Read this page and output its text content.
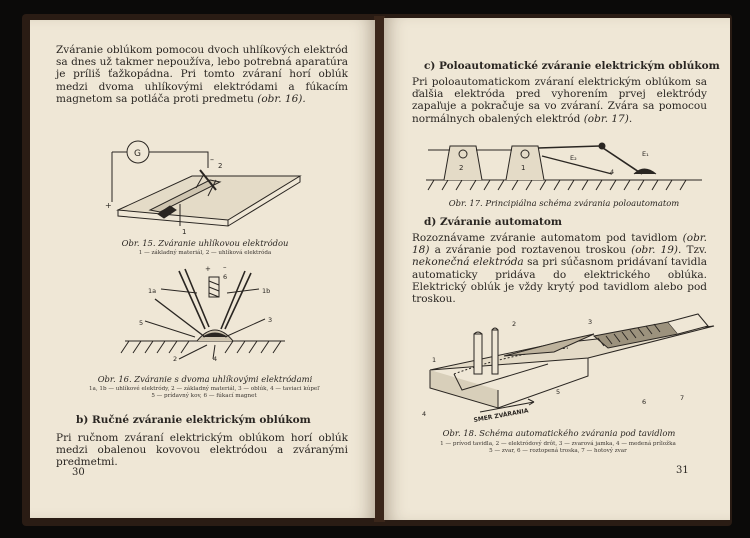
Zváranie oblúkom pomocou dvoch uhlíkových elektród sa dnes už takmer nepoužíva, lebo potrebná aparatúra je príliš ťažkopádna. Pri tomto zváraní horí oblúk medzi dvoma uhlíkovými elektródami a fúkacím magnetom sa potláča proti predmetu (obr. 16).

G
+
–
2
1

Obr. 15. Zváranie uhlíkovou elektródou

1 — základný materiál, 2 — uhlíková elektróda

1a	1b
6
+ –
5	3
2	4

Obr. 16. Zváranie s dvoma uhlíkovými elektródami

1a, 1b — uhlíkové elektródy, 2 — základný materiál, 3 — oblúk, 4 — taviaci kúpeľ

5 — prídavný kov, 6 — fúkací magnet

b) Ručné zváranie elektrickým oblúkom

Pri ručnom zváraní elektrickým oblúkom horí oblúk medzi obalenou kovovou elektródou a zváranými predmetmi.

30

c) Poloautomatické zváranie elektrickým oblúkom

Pri poloautomatickom zváraní elektrickým oblúkom sa ďalšia elektróda pred vyhorením prvej elektródy zapaľuje a pokračuje sa vo zváraní. Zvára sa pomocou normálnych obalených elektród (obr. 17).

2	1
E₂	E₁
4

Obr. 17. Principiálna schéma zvárania poloautomatom

d) Zváranie automatom

Rozoznávame zváranie automatom pod tavidlom (obr. 18) a zváranie pod roztavenou troskou (obr. 19). Tzv. nekonečná elektróda sa pri súčasnom pridávaní tavidla automaticky pridáva do elektrického oblúka. Elektrický oblúk je vždy krytý pod tavidlom alebo pod troskou.

1
2	3
4
5
6	7
SMER ZVÁRANIA

Obr. 18. Schéma automatického zvárania pod tavidlom

1 — prívod tavidla, 2 — elektródový drôt, 3 — zvarová jamka, 4 — medená príložka

5 — zvar, 6 — roztopená troska, 7 — hotový zvar

31
